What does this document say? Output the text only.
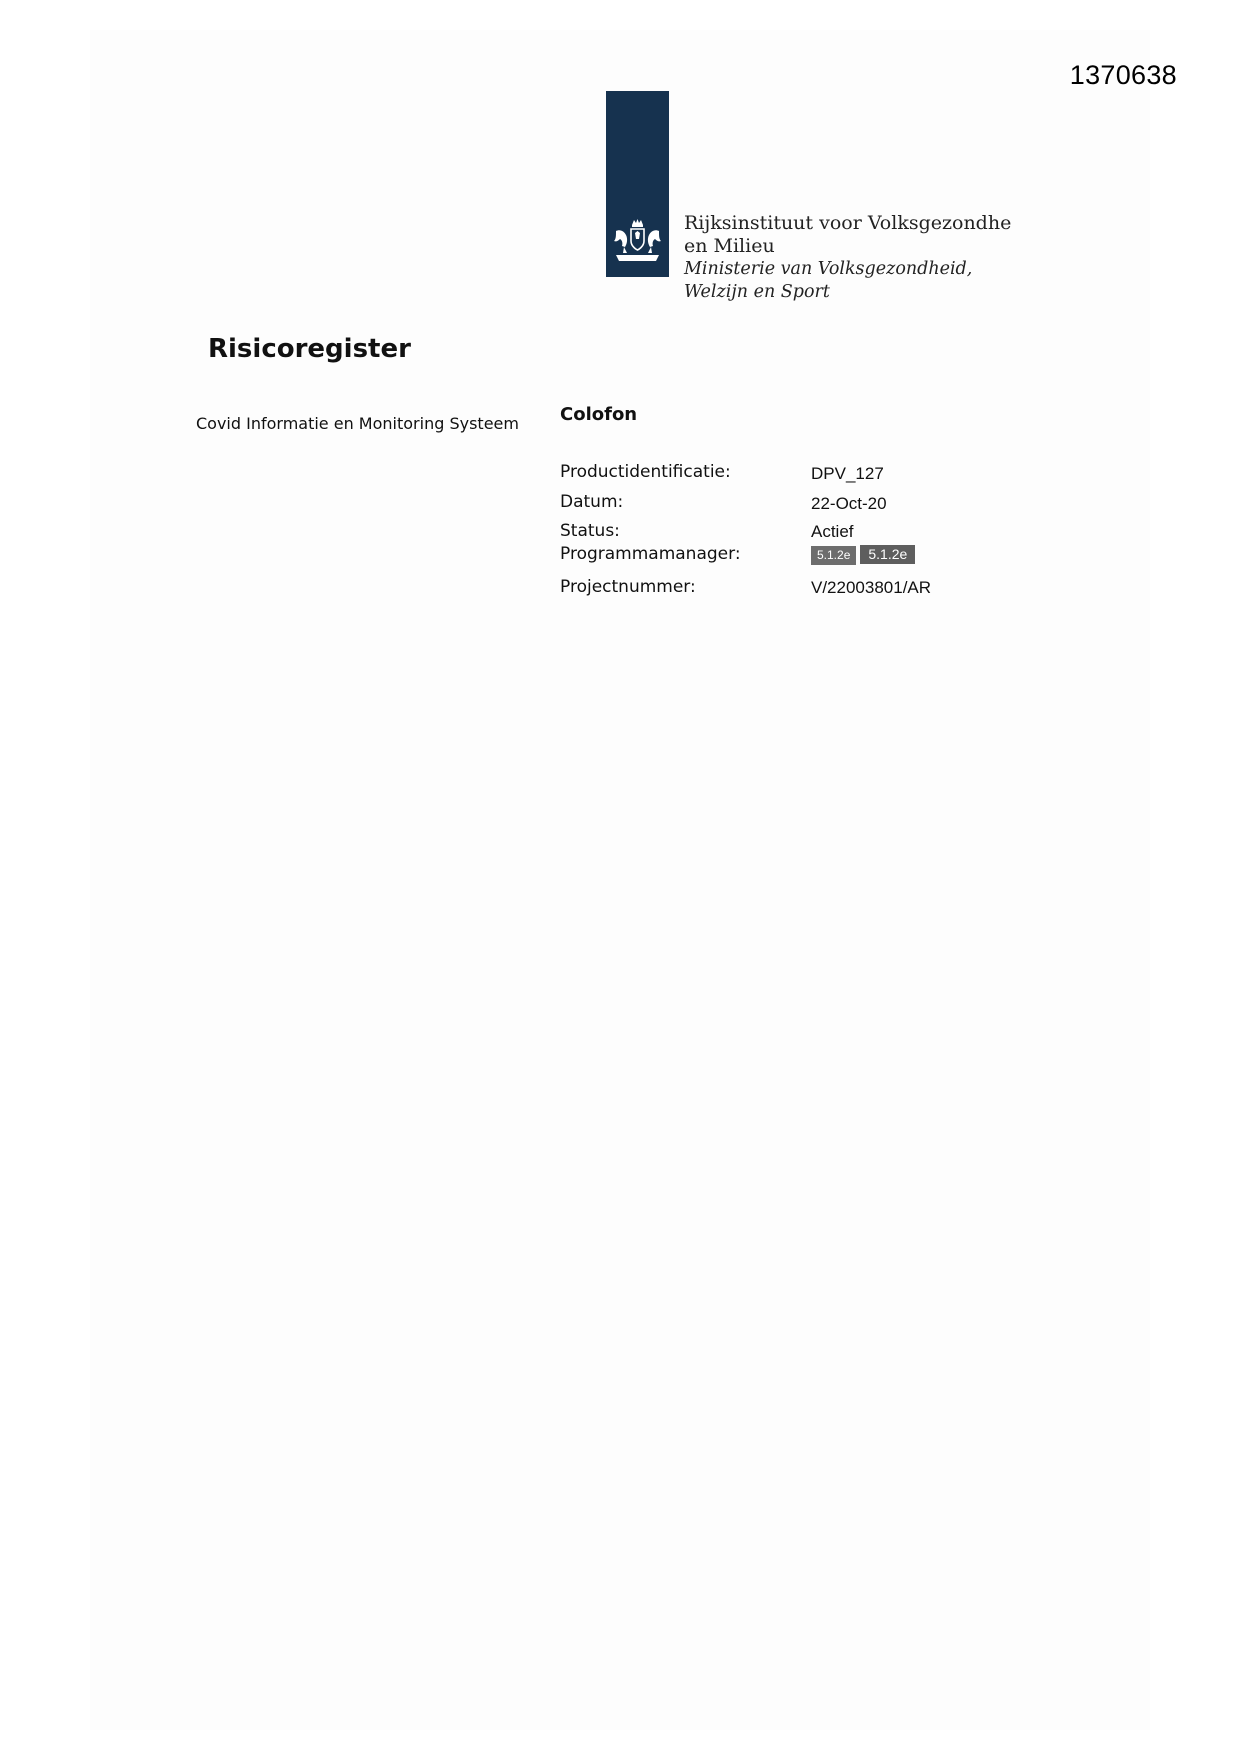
1370638
Rijksinstituut voor Volksgezondhe
en Milieu
Ministerie van Volksgezondheid,
Welzijn en Sport
Risicoregister
Covid Informatie en Monitoring Systeem Colofon
Productidentificatie:	DPV_127
Datum:	22-Oct-20
Status:	Actief
Programmamanager:	5.1.2e 5.1.2e
Projectnummer:	V/22003801/AR
